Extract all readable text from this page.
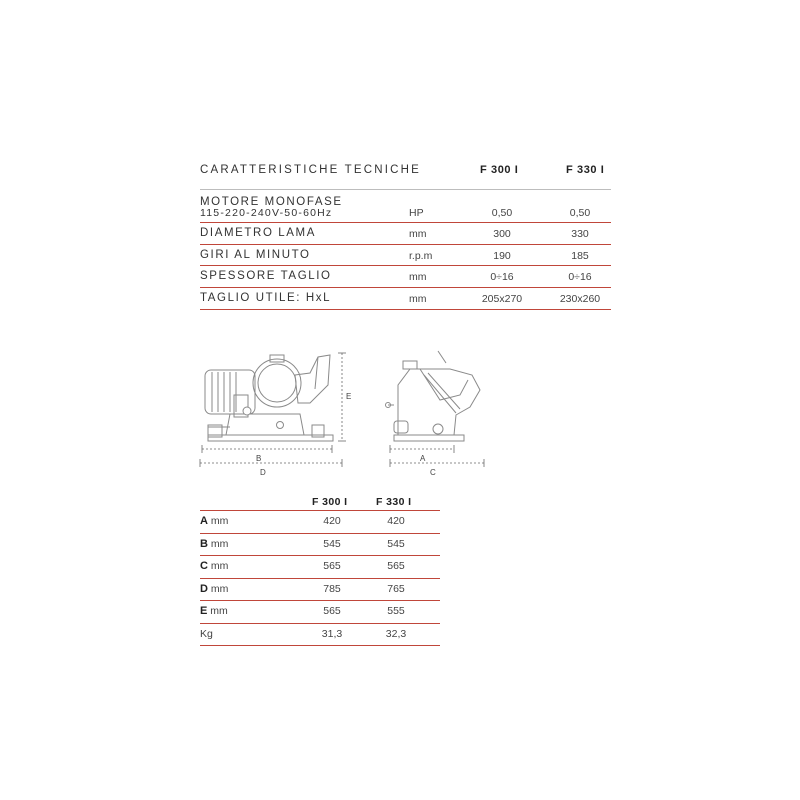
CARATTERISTICHE TECNICHE	F 300 I	F 330 I
MOTORE MONOFASE
115-220-240V-50-60Hz	HP	0,50	0,50
DIAMETRO LAMA	mm	300	330
GIRI AL MINUTO	r.p.m	190	185
SPESSORE TAGLIO	mm	0÷16	0÷16
TAGLIO UTILE: HxL	mm	205x270	230x260
B
D
E
A
C
F 300 I	F 330 I
A mm	420	420
B mm	545	545
C mm	565	565
D mm	785	765
E mm	565	555
Kg	31,3	32,3
